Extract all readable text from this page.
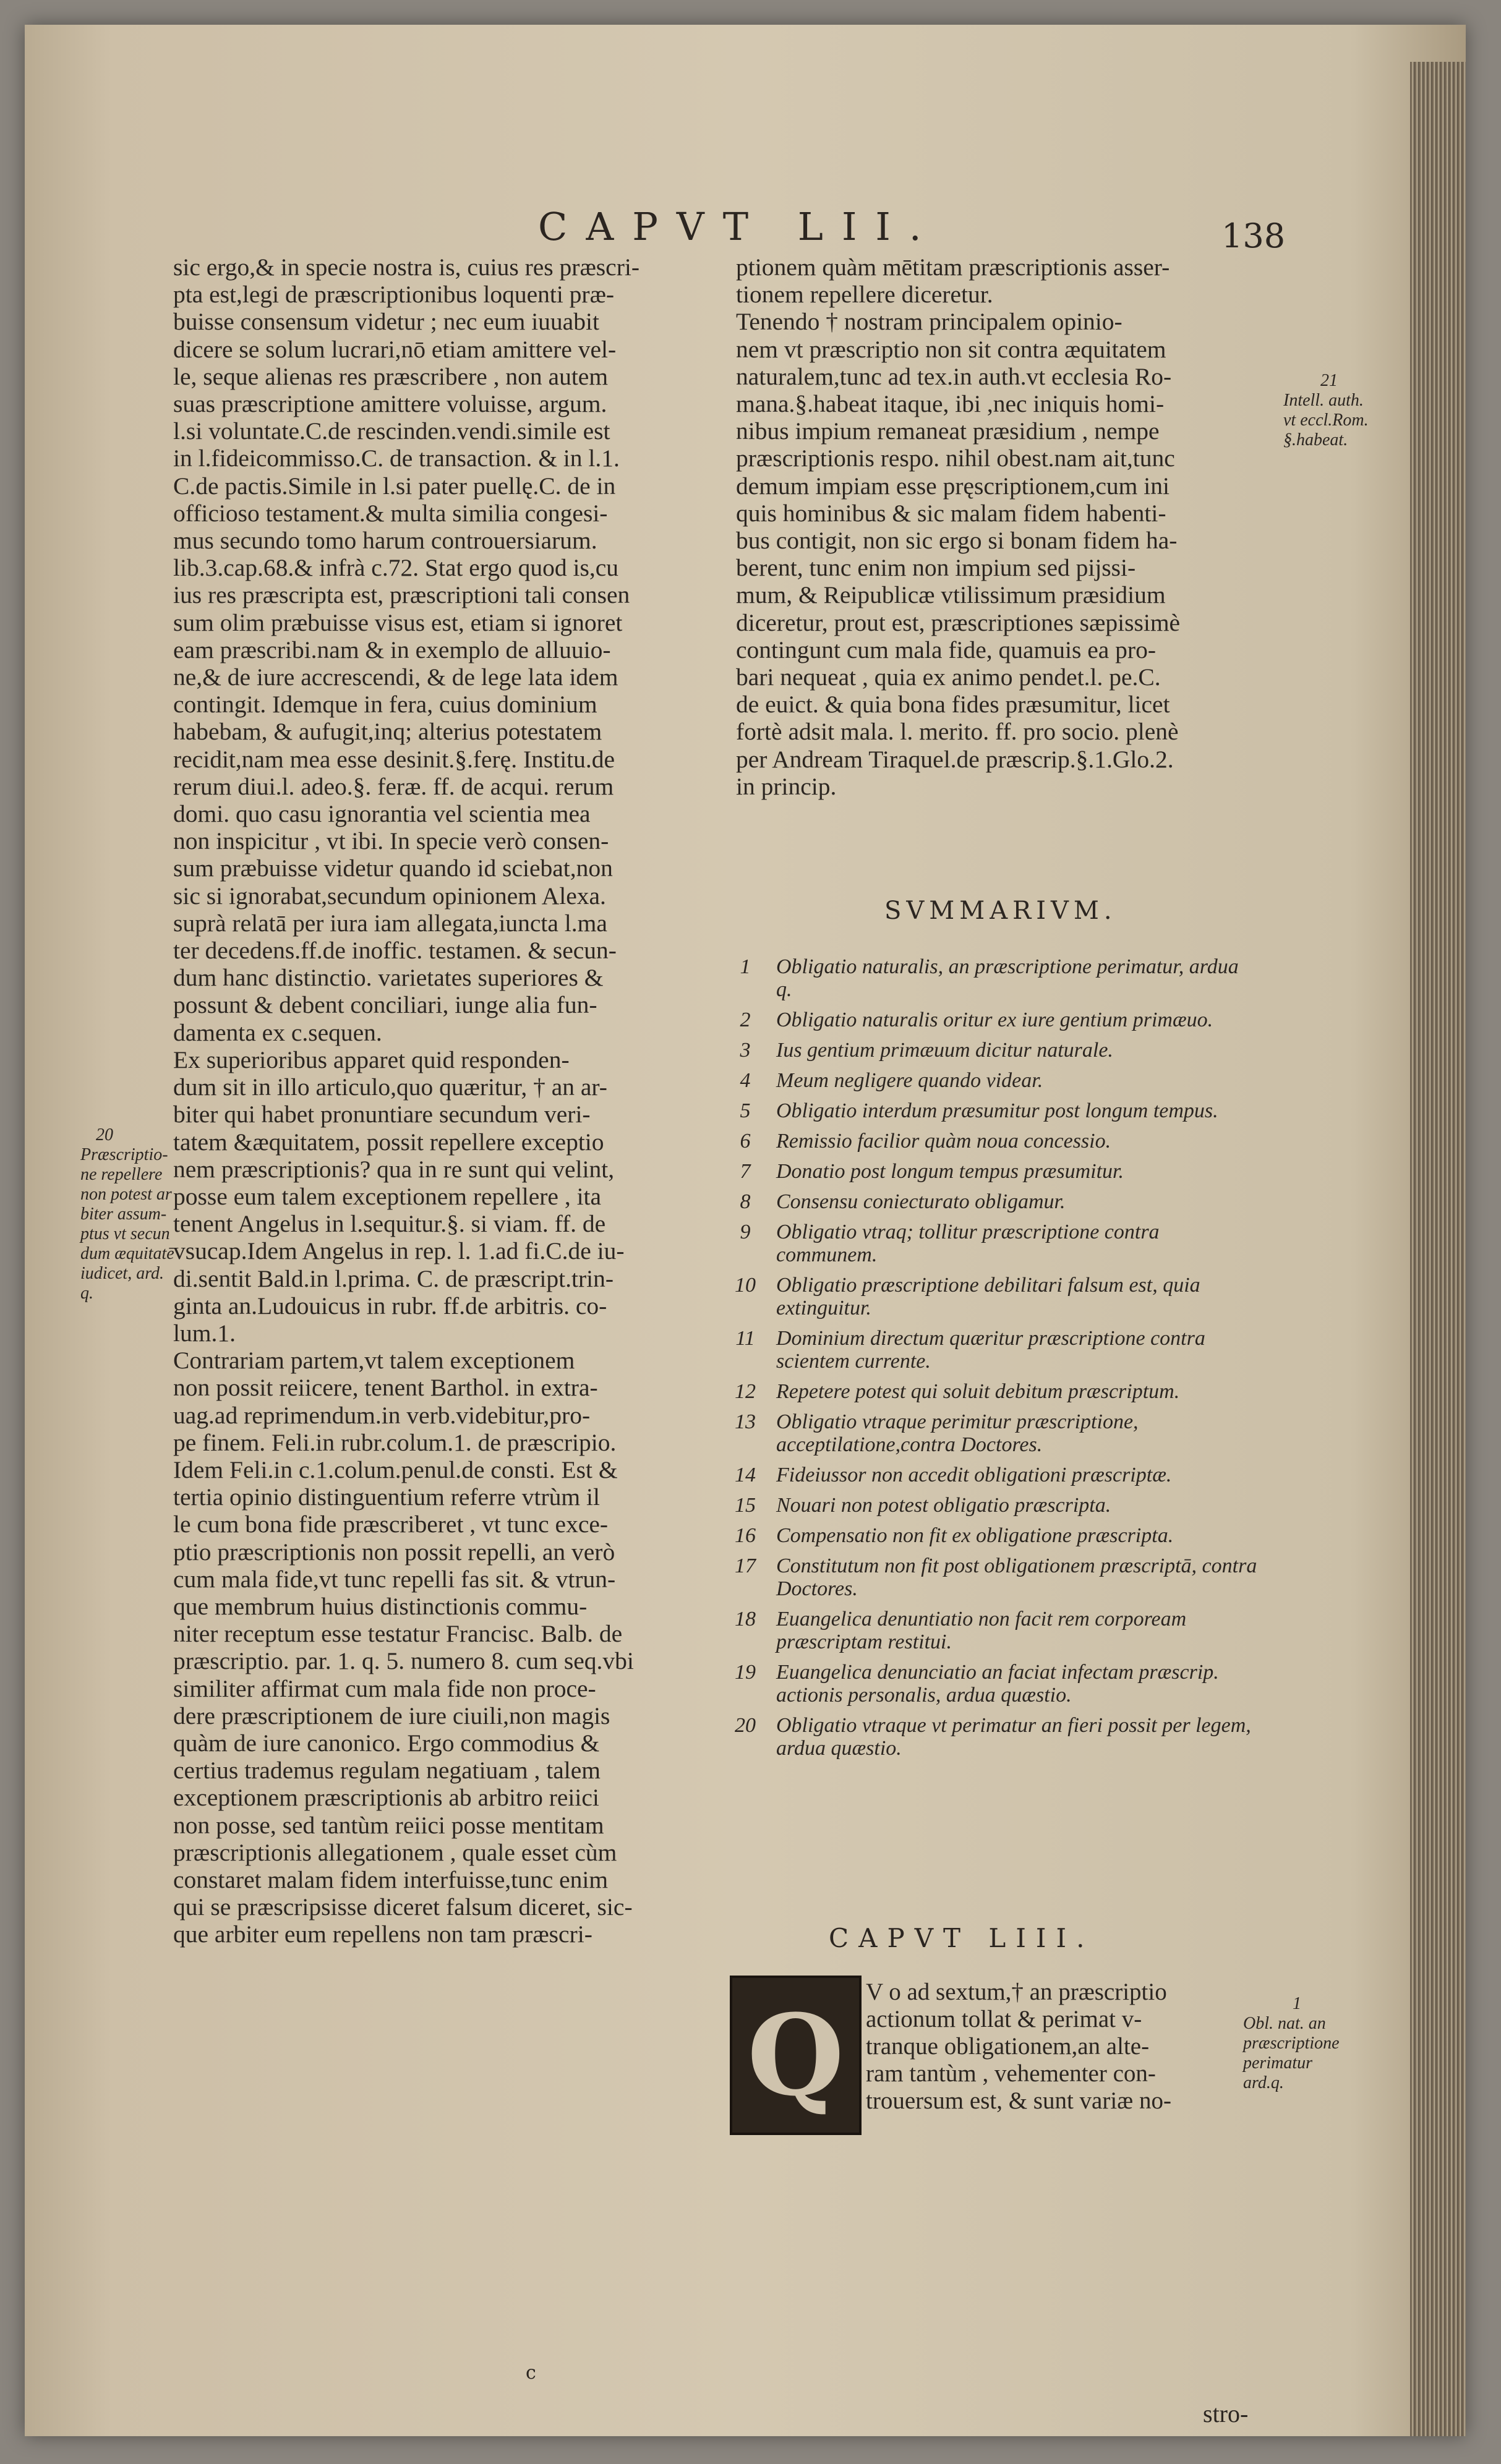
CAPVT LII.	138
sic ergo,& in specie nostra is, cuius res præscri-
pta est,legi de præscriptionibus loquenti præ-
buisse consensum videtur ; nec eum iuuabit
dicere se solum lucrari,nō etiam amittere vel-
le, seque alienas res præscribere , non autem
suas præscriptione amittere voluisse, argum.
l.si voluntate.C.de rescinden.vendi.simile est
in l.fideicommisso.C. de transaction. & in l.1.
C.de pactis.Simile in l.si pater puellę.C. de in
officioso testament.& multa similia congesi-
mus secundo tomo harum controuersiarum.
lib.3.cap.68.& infrà c.72. Stat ergo quod is,cu
ius res præscripta est, præscriptioni tali consen
sum olim præbuisse visus est, etiam si ignoret
eam præscribi.nam & in exemplo de alluuio-
ne,& de iure accrescendi, & de lege lata idem
contingit. Idemque in fera, cuius dominium
habebam, & aufugit,inq; alterius potestatem
recidit,nam mea esse desinit.§.ferę. Institu.de
rerum diui.l. adeo.§. feræ. ff. de acqui. rerum
domi. quo casu ignorantia vel scientia mea
non inspicitur , vt ibi. In specie verò consen-
sum præbuisse videtur quando id sciebat,non
sic si ignorabat,secundum opinionem Alexa.
suprà relatā per iura iam allegata,iuncta l.ma
ter decedens.ff.de inoffic. testamen. & secun-
dum hanc distinctio. varietates superiores &
possunt & debent conciliari, iunge alia fun-
damenta ex c.sequen.
Ex superioribus apparet quid responden-
dum sit in illo articulo,quo quæritur, † an ar-
biter qui habet pronuntiare secundum veri-
tatem &æquitatem, possit repellere exceptio
nem præscriptionis? qua in re sunt qui velint,
posse eum talem exceptionem repellere , ita
tenent Angelus in l.sequitur.§. si viam. ff. de
vsucap.Idem Angelus in rep. l. 1.ad fi.C.de iu-
di.sentit Bald.in l.prima. C. de præscript.trin-
ginta an.Ludouicus in rubr. ff.de arbitris. co-
lum.1.
Contrariam partem,vt talem exceptionem
non possit reiicere, tenent Barthol. in extra-
uag.ad reprimendum.in verb.videbitur,pro-
pe finem. Feli.in rubr.colum.1. de præscripio.
Idem Feli.in c.1.colum.penul.de consti. Est &
tertia opinio distinguentium referre vtrùm il
le cum bona fide præscriberet , vt tunc exce-
ptio præscriptionis non possit repelli, an verò
cum mala fide,vt tunc repelli fas sit. & vtrun-
que membrum huius distinctionis commu-
niter receptum esse testatur Francisc. Balb. de
præscriptio. par. 1. q. 5. numero 8. cum seq.vbi
similiter affirmat cum mala fide non proce-
dere præscriptionem de iure ciuili,non magis
quàm de iure canonico. Ergo commodius &
certius trademus regulam negatiuam , talem
exceptionem præscriptionis ab arbitro reiici
non posse, sed tantùm reiici posse mentitam
præscriptionis allegationem , quale esset cùm
constaret malam fidem interfuisse,tunc enim
qui se præscripsisse diceret falsum diceret, sic-
que arbiter eum repellens non tam præscri-
20
Præscriptio-
ne repellere
non potest ar
biter assum-
ptus vt secun
dum æquitatē
iudicet, ard.
q.
ptionem quàm mētitam præscriptionis asser-
tionem repellere diceretur.
Tenendo † nostram principalem opinio-
nem vt præscriptio non sit contra æquitatem
naturalem,tunc ad tex.in auth.vt ecclesia Ro-
mana.§.habeat itaque, ibi ,nec iniquis homi-
nibus impium remaneat præsidium , nempe
præscriptionis respo. nihil obest.nam ait,tunc
demum impiam esse pręscriptionem,cum ini
quis hominibus & sic malam fidem habenti-
bus contigit, non sic ergo si bonam fidem ha-
berent, tunc enim non impium sed pijssi-
mum, & Reipublicæ vtilissimum præsidium
diceretur, prout est, præscriptiones sæpissimè
contingunt cum mala fide, quamuis ea pro-
bari nequeat , quia ex animo pendet.l. pe.C.
de euict. & quia bona fides præsumitur, licet
fortè adsit mala. l. merito. ff. pro socio. plenè
per Andream Tiraquel.de præscrip.§.1.Glo.2.
in princip.
21
Intell. auth.
vt eccl.Rom.
§.habeat.
SVMMARIVM.
1	Obligatio naturalis, an præscriptione perimatur, ardua q.
2	Obligatio naturalis oritur ex iure gentium primæuo.
3	Ius gentium primæuum dicitur naturale.
4	Meum negligere quando videar.
5	Obligatio interdum præsumitur post longum tempus.
6	Remissio facilior quàm noua concessio.
7	Donatio post longum tempus præsumitur.
8	Consensu coniecturato obligamur.
9	Obligatio vtraq; tollitur præscriptione contra communem.
10 Obligatio præscriptione debilitari falsum est, quia extinguitur.
11	Dominium directum quæritur præscriptione contra scientem currente.
12 Repetere potest qui soluit debitum præscriptum.
13 Obligatio vtraque perimitur præscriptione, acceptilatione,contra Doctores.
14 Fideiussor non accedit obligationi præscriptæ.
15 Nouari non potest obligatio præscripta.
16 Compensatio non fit ex obligatione præscripta.
17 Constitutum non fit post obligationem præscriptā, contra Doctores.
18 Euangelica denuntiatio non facit rem corpoream præscriptam restitui.
19 Euangelica denunciatio an faciat infectam præscrip. actionis personalis, ardua quæstio.
20 Obligatio vtraque vt perimatur an fieri possit per legem, ardua quæstio.
CAPVT LIII.
Q V o ad sextum,† an præscriptio
actionum tollat & perimat v-
tranque obligationem,an alte-
ram tantùm , vehementer con-
trouersum est, & sunt variæ no-
1
Obl. nat. an
præscriptione
perimatur
ard.q.
stro-
c
